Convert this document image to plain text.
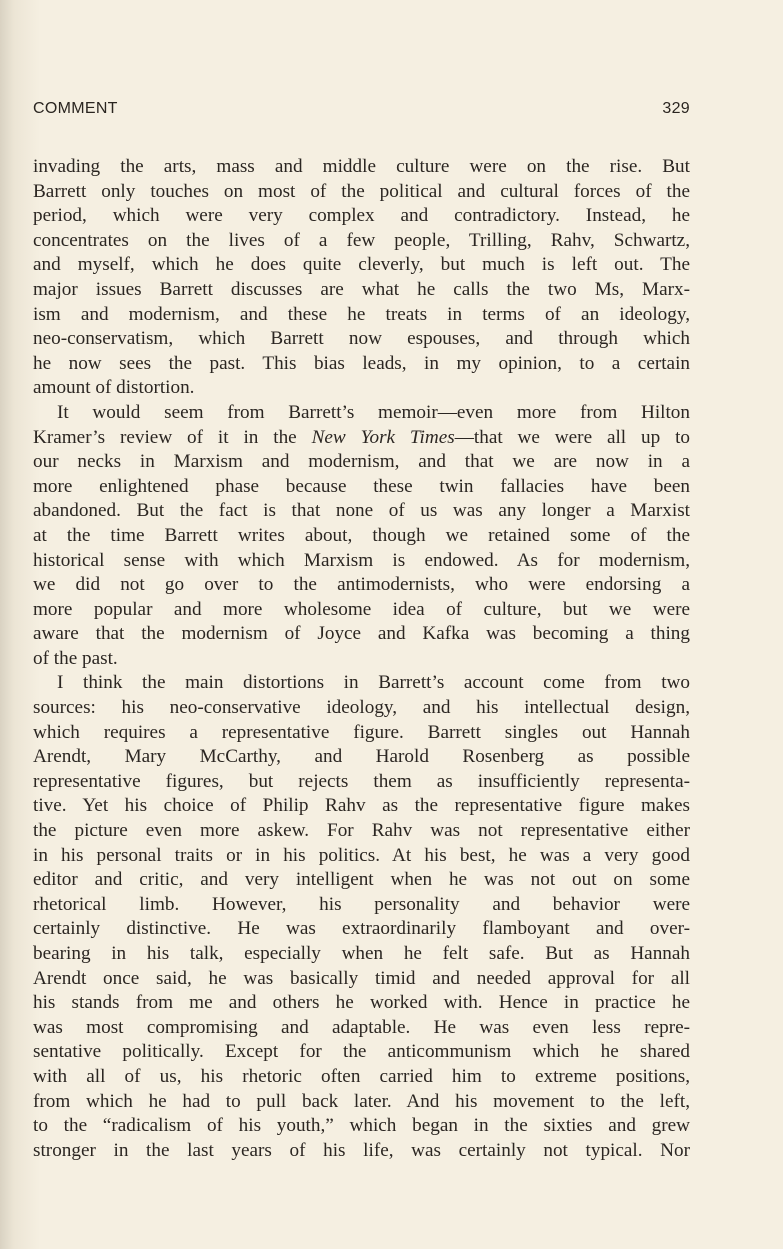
COMMENT	329

invading the arts, mass and middle culture were on the rise. But
Barrett only touches on most of the political and cultural forces of the
period, which were very complex and contradictory. Instead, he
concentrates on the lives of a few people, Trilling, Rahv, Schwartz,
and myself, which he does quite cleverly, but much is left out. The
major issues Barrett discusses are what he calls the two Ms, Marx-
ism and modernism, and these he treats in terms of an ideology,
neo-conservatism, which Barrett now espouses, and through which
he now sees the past. This bias leads, in my opinion, to a certain
amount of distortion.

It would seem from Barrett’s memoir—even more from Hilton
Kramer’s review of it in the New York Times—that we were all up to
our necks in Marxism and modernism, and that we are now in a
more enlightened phase because these twin fallacies have been
abandoned. But the fact is that none of us was any longer a Marxist
at the time Barrett writes about, though we retained some of the
historical sense with which Marxism is endowed. As for modernism,
we did not go over to the antimodernists, who were endorsing a
more popular and more wholesome idea of culture, but we were
aware that the modernism of Joyce and Kafka was becoming a thing
of the past.

I think the main distortions in Barrett’s account come from two
sources: his neo-conservative ideology, and his intellectual design,
which requires a representative figure. Barrett singles out Hannah
Arendt, Mary McCarthy, and Harold Rosenberg as possible
representative figures, but rejects them as insufficiently representa-
tive. Yet his choice of Philip Rahv as the representative figure makes
the picture even more askew. For Rahv was not representative either
in his personal traits or in his politics. At his best, he was a very good
editor and critic, and very intelligent when he was not out on some
rhetorical limb. However, his personality and behavior were
certainly distinctive. He was extraordinarily flamboyant and over-
bearing in his talk, especially when he felt safe. But as Hannah
Arendt once said, he was basically timid and needed approval for all
his stands from me and others he worked with. Hence in practice he
was most compromising and adaptable. He was even less repre-
sentative politically. Except for the anticommunism which he shared
with all of us, his rhetoric often carried him to extreme positions,
from which he had to pull back later. And his movement to the left,
to the “radicalism of his youth,” which began in the sixties and grew
stronger in the last years of his life, was certainly not typical. Nor
